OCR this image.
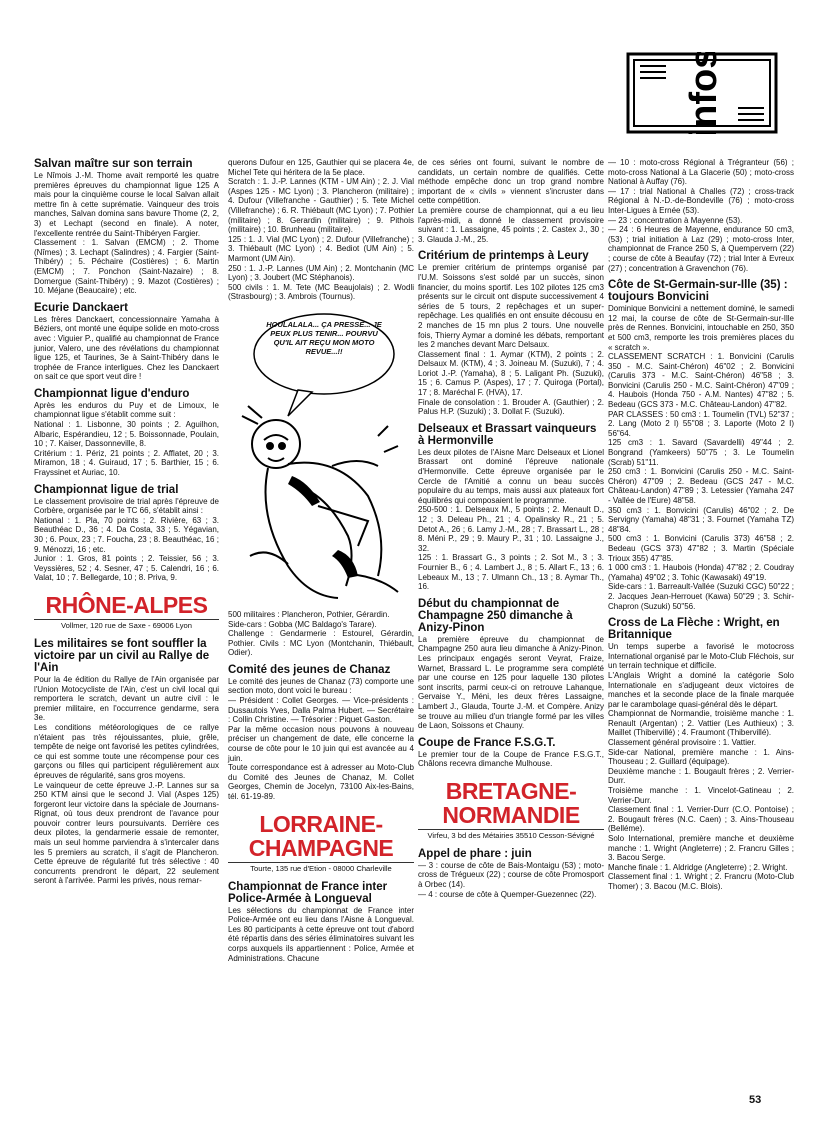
infos
Salvan maître sur son terrain

Le Nîmois J.-M. Thome avait remporté les quatre premières épreuves du championnat ligue 125 A mais pour la cinquième course le local Salvan allait mettre fin à cette suprématie. Vainqueur des trois manches, Salvan domina sans bavure Thome (2, 2, 3) et Lechapt (second en finale). A noter, l'excellente rentrée du Saint-Thibéryen Fargier.

Classement : 1. Salvan (EMCM) ; 2. Thome (Nîmes) ; 3. Lechapt (Salindres) ; 4. Fargier (Saint-Thibéry) ; 5. Péchaire (Costières) ; 6. Martin (EMCM) ; 7. Ponchon (Saint-Nazaire) ; 8. Domergue (Saint-Thibéry) ; 9. Mazot (Costières) ; 10. Méjane (Beaucaire) ; etc.

Ecurie Danckaert

Les frères Danckaert, concessionnaire Yamaha à Béziers, ont monté une équipe solide en moto-cross avec : Viguier P., qualifié au championnat de France junior, Valero, une des révélations du championnat ligue 125, et Taurines, 3e à Saint-Thibéry dans le trophée de France interligues. Chez les Danckaert on sait ce que sport veut dire !

Championnat ligue d'enduro

Après les enduros du Puy et de Limoux, le championnat ligue s'établit comme suit :

National : 1. Lisbonne, 30 points ; 2. Aguilhon, Albaric, Espérandieu, 12 ; 5. Boissonnade, Poulain, 10 ; 7. Kaiser, Dassonneville, 8.

Critérium : 1. Périz, 21 points ; 2. Afflatet, 20 ; 3. Miramon, 18 ; 4. Guiraud, 17 ; 5. Barthier, 15 ; 6. Frayssinet et Auriac, 10.

Championnat ligue de trial

Le classement provisoire de trial après l'épreuve de Corbère, organisée par le TC 66, s'établit ainsi :

National : 1. Pla, 70 points ; 2. Rivière, 63 ; 3. Beauthéac D., 36 ; 4. Da Costa, 33 ; 5. Yégavian, 30 ; 6. Poux, 23 ; 7. Foucha, 23 ; 8. Beauthéac, 16 ; 9. Ménozzi, 16 ; etc.

Junior : 1. Gros, 81 points ; 2. Teissier, 56 ; 3. Veyssières, 52 ; 4. Sesner, 47 ; 5. Calendri, 16 ; 6. Valat, 10 ; 7. Bellegarde, 10 ; 8. Priva, 9.

RHÔNE-ALPES
Vollmer, 120 rue de Saxe - 69006 Lyon
Les militaires se font souffler la victoire par un civil au Rallye de l'Ain

Pour la 4e édition du Rallye de l'Ain organisée par l'Union Motocycliste de l'Ain, c'est un civil local qui remportera le scratch, devant un autre civil : le premier militaire, en l'occurrence gendarme, sera 3e.

Les conditions météorologiques de ce rallye n'étaient pas très réjouissantes, pluie, grêle, tempête de neige ont favorisé les petites cylindrées, ce qui est somme toute une récompense pour ces garçons ou filles qui participent régulièrement aux épreuves de régularité, sans gros moyens.

Le vainqueur de cette épreuve J.-P. Lannes sur sa 250 KTM ainsi que le second J. Vial (Aspes 125) forgeront leur victoire dans la spéciale de Journans-Rignat, où tous deux prendront de l'avance pour pouvoir contrer leurs poursuivants. Derrière ces deux pilotes, la gendarmerie essaie de remonter, mais un seul homme parviendra à s'intercaler dans les 5 premiers au scratch, il s'agit de Plancheron. Cette épreuve de régularité fut très sélective : 40 concurrents prendront le départ, 22 seulement seront à l'arrivée. Parmi les privés, nous remar-

querons Dufour en 125, Gauthier qui se placera 4e, Michel Tete qui héritera de la 5e place.

Scratch : 1. J.-P. Lannes (KTM - UM Ain) ; 2. J. Vial (Aspes 125 - MC Lyon) ; 3. Plancheron (militaire) ; 4. Dufour (Villefranche - Gauthier) ; 5. Tete Michel (Villefranche) ; 6. R. Thiébault (MC Lyon) ; 7. Pothier (militaire) ; 8. Gerardin (militaire) ; 9. Pithois (militaire) ; 10. Brunheau (militaire).

125 : 1. J. Vial (MC Lyon) ; 2. Dufour (Villefranche) ; 3. Thiébault (MC Lyon) ; 4. Bediot (UM Ain) ; 5. Marmont (UM Ain).

250 : 1. J.-P. Lannes (UM Ain) ; 2. Montchanin (MC Lyon) ; 3. Joubert (MC Stéphanois).

500 civils : 1. M. Tete (MC Beaujolais) ; 2. Wodli (Strasbourg) ; 3. Ambrois (Tournus).

HOULALALA... ÇA PRESSE... JE PEUX PLUS TENIR... POURVU QU'IL AIT REÇU MON MOTO REVUE...!!

500 militaires : Plancheron, Pothier, Gérardin.

Side-cars : Gobba (MC Baldago's Tarare).

Challenge : Gendarmerie : Estourel, Gérardin, Pothier. Civils : MC Lyon (Montchanin, Thiébault, Odier).

Comité des jeunes de Chanaz

Le comité des jeunes de Chanaz (73) comporte une section moto, dont voici le bureau :

— Président : Collet Georges. — Vice-présidents : Dussautois Yves, Dalla Palma Hubert. — Secrétaire : Collin Christine. — Trésorier : Piquet Gaston.

Par la même occasion nous pouvons à nouveau préciser un changement de date, elle concerne la course de côte pour le 10 juin qui est avancée au 4 juin.

Toute correspondance est à adresser au Moto-Club du Comité des Jeunes de Chanaz, M. Collet Georges, Chemin de Jocelyn, 73100 Aix-les-Bains, tél. 61-19-89.

LORRAINE-CHAMPAGNE
Tourte, 135 rue d'Etion - 08000 Charleville
Championnat de France inter Police-Armée à Longueval

Les sélections du championnat de France inter Police-Armée ont eu lieu dans l'Aisne à Longueval. Les 80 participants à cette épreuve ont tout d'abord été répartis dans des séries éliminatoires suivant les corps auxquels ils appartiennent : Police, Armée et Administrations. Chacune

de ces séries ont fourni, suivant le nombre de candidats, un certain nombre de qualifiés. Cette méthode empêche donc un trop grand nombre important de « civils » viennent s'incruster dans cette compétition.

La première course de championnat, qui a eu lieu l'après-midi, a donné le classement provisoire suivant : 1. Lassaigne, 45 points ; 2. Castex J., 30 ; 3. Glauda J.-M., 25.

Critérium de printemps à Leury

Le premier critérium de printemps organisé par l'U.M. Soissons s'est soldé par un succès, sinon financier, du moins sportif. Les 102 pilotes 125 cm3 présents sur le circuit ont dispute successivement 4 séries de 5 tours, 2 repêchages et un super-repêchage. Les qualifiés en ont ensuite décousu en 2 manches de 15 mn plus 2 tours. Une nouvelle fois, Thierry Aymar a dominé les débats, remportant les 2 manches devant Marc Delsaux.

Classement final : 1. Aymar (KTM), 2 points ; 2. Delsaux M. (KTM), 4 ; 3. Joineau M. (Suzuki), 7 ; 4. Loriot J.-P. (Yamaha), 8 ; 5. Laligant Ph. (Suzuki), 15 ; 6. Camus P. (Aspes), 17 ; 7. Quiroga (Portal), 17 ; 8. Maréchal F. (HVA), 17.

Finale de consolation : 1. Brouder A. (Gauthier) ; 2. Palus H.P. (Suzuki) ; 3. Dollat F. (Suzuki).

Delseaux et Brassart vainqueurs à Hermonville

Les deux pilotes de l'Aisne Marc Delseaux et Lionel Brassart ont dominé l'épreuve nationale d'Hermonville. Cette épreuve organisée par le Cercle de l'Amitié a connu un beau succès populaire du au temps, mais aussi aux plateaux fort équilibrés qui composaient le programme.

250-500 : 1. Delseaux M., 5 points ; 2. Menault D., 12 ; 3. Deleau Ph., 21 ; 4. Opalinsky R., 21 ; 5. Detot A., 26 ; 6. Lamy J.-M., 28 ; 7. Brassart L., 28 ; 8. Méni P., 29 ; 9. Maury P., 31 ; 10. Lassaigne J., 32.

125 : 1. Brassart G., 3 points ; 2. Sot M., 3 ; 3. Fournier B., 6 ; 4. Lambert J., 8 ; 5. Allart F., 13 ; 6. Lebeaux M., 13 ; 7. Ulmann Ch., 13 ; 8. Aymar Th., 16.

Début du championnat de Champagne 250 dimanche à Anizy-Pinon

La première épreuve du championnat de Champagne 250 aura lieu dimanche à Anizy-Pinon. Les principaux engagés seront Veyrat, Fraize, Warnet, Brassard L. Le programme sera complété par une course en 125 pour laquelle 130 pilotes sont inscrits, parmi ceux-ci on retrouve Lahanque, Gervaise Y., Méni, les deux frères Lassaigne, Lambert J., Glauda, Tourte J.-M. et Compère. Anizy se trouve au milieu d'un triangle formé par les villes de Laon, Soissons et Chauny.

Coupe de France F.S.G.T.

Le premier tour de la Coupe de France F.S.G.T., Châlons recevra dimanche Mulhouse.

BRETAGNE-NORMANDIE
Virfeu, 3 bd des Métairies 35510 Cesson-Sévigné
Appel de phare : juin

— 3 : course de côte de Bais-Montaigu (53) ; moto-cross de Trégueux (22) ; course de côte Promosport à Orbec (14).

— 4 : course de côte à Quemper-Guezennec (22).

— 10 : moto-cross Régional à Trégranteur (56) ; moto-cross National à La Glacerie (50) ; moto-cross National à Auffay (76).

— 17 : trial National à Challes (72) ; cross-track Régional à N.-D.-de-Bondeville (76) ; moto-cross Inter-Ligues à Ernée (53).

— 23 : concentration à Mayenne (53).

— 24 : 6 Heures de Mayenne, endurance 50 cm3, (53) ; trial initiation à Laz (29) ; moto-cross Inter, championnat de France 250 S, à Quempervern (22) ; course de côte à Beaufay (72) ; trial Inter à Evreux (27) ; concentration à Gravenchon (76).

Côte de St-Germain-sur-Ille (35) : toujours Bonvicini

Dominique Bonvicini a nettement dominé, le samedi 12 mai, la course de côte de St-Germain-sur-Ille près de Rennes. Bonvicini, intouchable en 250, 350 et 500 cm3, remporte les trois premières places du « scratch ».

CLASSEMENT SCRATCH : 1. Bonvicini (Carulis 350 - M.C. Saint-Chéron) 46"02 ; 2. Bonvicini (Carulis 373 - M.C. Saint-Chéron) 46"58 ; 3. Bonvicini (Carulis 250 - M.C. Saint-Chéron) 47"09 ; 4. Haubois (Honda 750 - A.M. Nantes) 47"82 ; 5. Bedeau (GCS 373 - M.C. Château-Landon) 47"82.

PAR CLASSES : 50 cm3 : 1. Toumelin (TVL) 52"37 ; 2. Lang (Moto 2 I) 55"08 ; 3. Laporte (Moto 2 I) 56"64.

125 cm3 : 1. Savard (Savardelli) 49"44 ; 2. Bongrand (Yamkeers) 50"75 ; 3. Le Toumelin (Scrab) 51"11.

250 cm3 : 1. Bonvicini (Carulis 250 - M.C. Saint-Chéron) 47"09 ; 2. Bedeau (GCS 247 - M.C. Château-Landon) 47"89 ; 3. Letessier (Yamaha 247 - Vallée de l'Eure) 48"58.

350 cm3 : 1. Bonvicini (Carulis) 46"02 ; 2. De Servigny (Yamaha) 48"31 ; 3. Fournet (Yamaha TZ) 48"84.

500 cm3 : 1. Bonvicini (Carulis 373) 46"58 ; 2. Bedeau (GCS 373) 47"82 ; 3. Martin (Spéciale Trioux 355) 47"85.

1 000 cm3 : 1. Haubois (Honda) 47"82 ; 2. Coudray (Yamaha) 49"02 ; 3. Tohic (Kawasaki) 49"19.

Side-cars : 1. Barreault-Vallée (Suzuki CGC) 50"22 ; 2. Jacques Jean-Herrouet (Kawa) 50"29 ; 3. Schir-Chapron (Suzuki) 50"56.

Cross de La Flèche : Wright, en Britannique

Un temps superbe a favorisé le motocross International organisé par le Moto-Club Fléchois, sur un terrain technique et difficile.

L'Anglais Wright a dominé la catégorie Solo Internationale en s'adjugeant deux victoires de manches et la seconde place de la finale marquée par le carambolage quasi-général dès le départ.

Championnat de Normandie, troisième manche : 1. Renault (Argentan) ; 2. Vattier (Les Authieux) ; 3. Maillet (Thibervillé) ; 4. Fraumont (Thibervillé).

Classement général provisoire : 1. Vattier.

Side-car National, première manche : 1. Ains-Thouseau ; 2. Guillard (équipage).

Deuxième manche : 1. Bougault frères ; 2. Verrier-Durr.

Troisième manche : 1. Vincelot-Gatineau ; 2. Verrier-Durr.

Classement final : 1. Verrier-Durr (C.O. Pontoise) ; 2. Bougault frères (N.C. Caen) ; 3. Ains-Thouseau (Belléme).

Solo International, première manche et deuxième manche : 1. Wright (Angleterre) ; 2. Francru Gilles ; 3. Bacou Serge.

Manche finale : 1. Aldridge (Angleterre) ; 2. Wright.

Classement final : 1. Wright ; 2. Francru (Moto-Club Thomer) ; 3. Bacou (M.C. Blois).

53
